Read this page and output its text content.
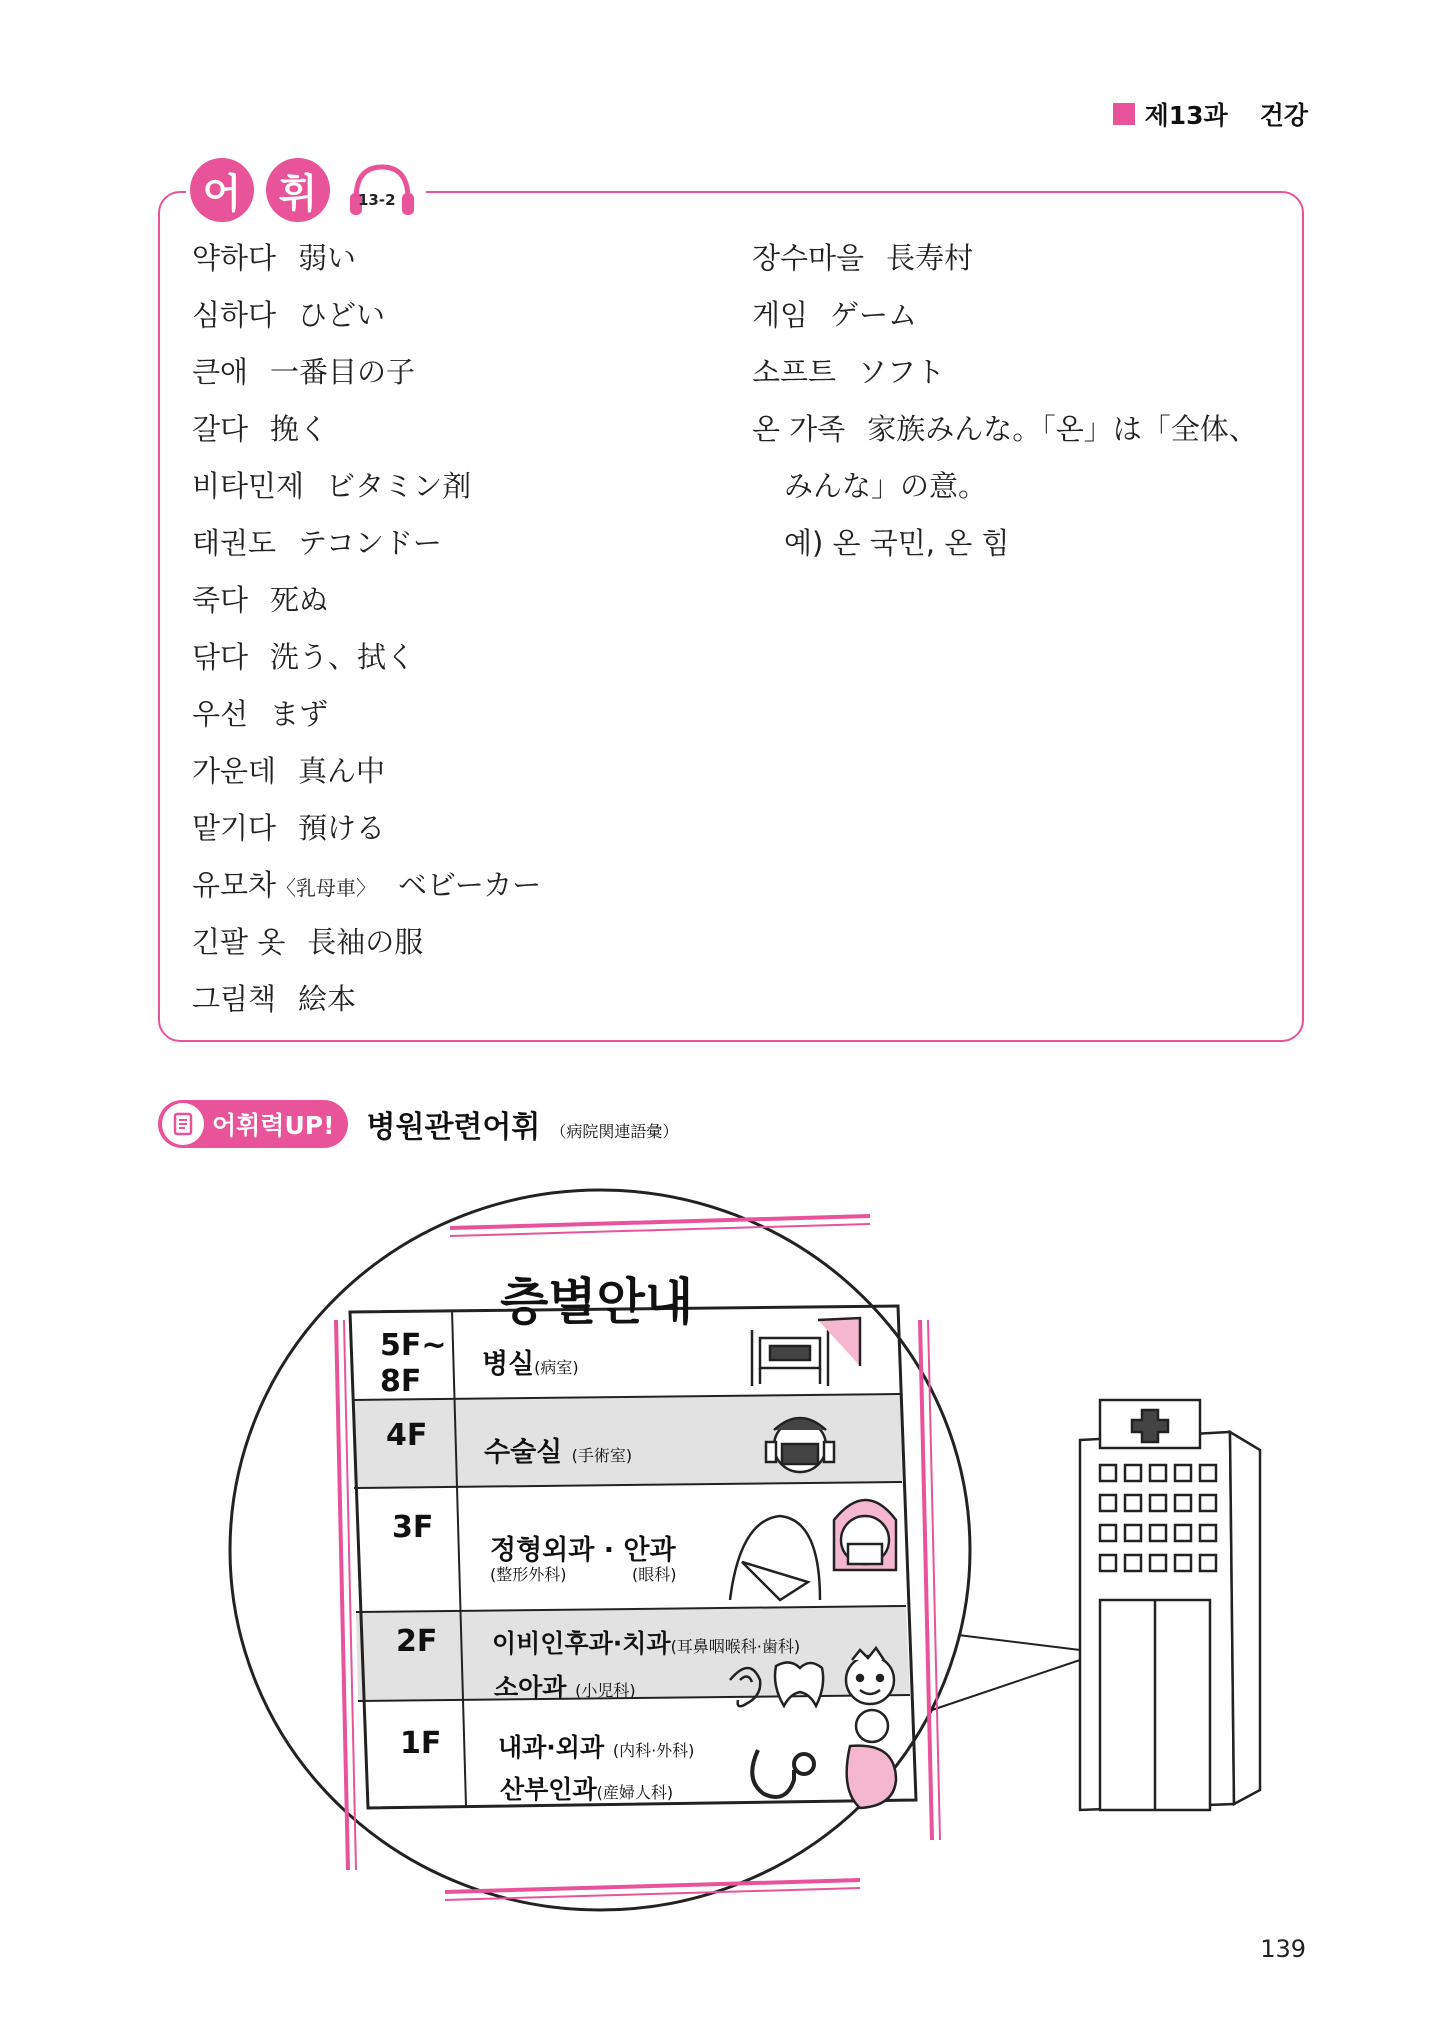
제13과 건강
어 휘	13-2
약하다 弱い
심하다 ひどい
큰애 一番目の子
갈다 挽く
비타민제 ビタミン剤
태권도 テコンドー
죽다 死ぬ
닦다 洗う、拭く
우선 まず
가운데 真ん中
맡기다 預ける
유모차〈乳母車〉 ベビーカー
긴팔 옷 長袖の服
그림책 絵本
장수마을 長寿村
게임 ゲーム
소프트 ソフト
온 가족 家族みんな。「온」は「全体、
みんな」の意。
예) 온 국민, 온 힘
어휘력UP! 병원관련어휘 （病院関連語彙）
층별안내
5F~
8F	병실(病室)
4F 수술실 (手術室)
3F
정형외과 · 안과
(整形外科)	(眼科)
2F 이비인후과·치과(耳鼻咽喉科·歯科)
소아과 (小児科)
1F 내과·외과 (内科·外科)
산부인과(産婦人科)
139
